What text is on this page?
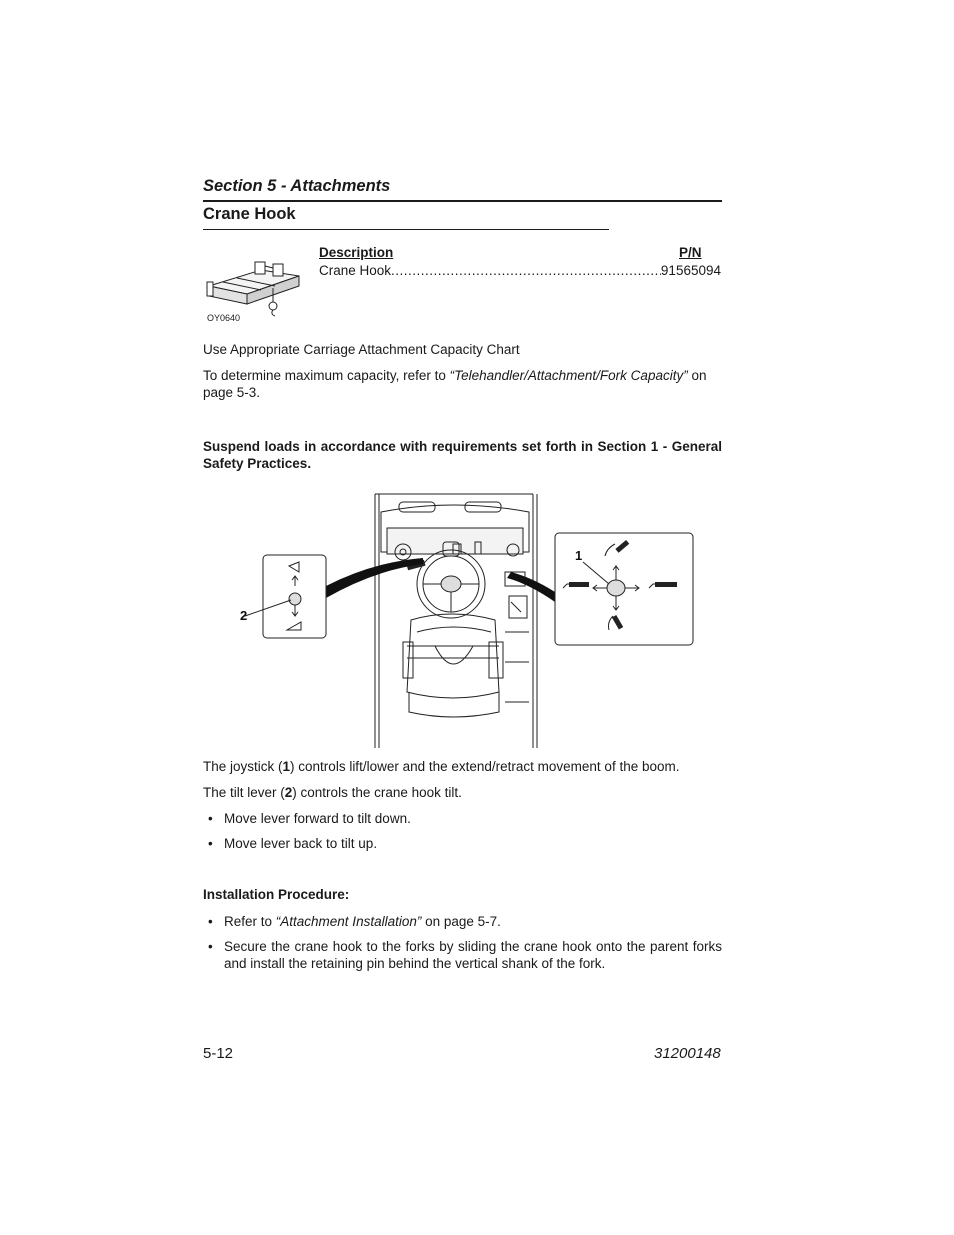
Section 5 - Attachments
Crane Hook
OY0640
Description	P/N
Crane Hook
.....	91565094
Use Appropriate Carriage Attachment Capacity Chart
To determine maximum capacity, refer to “Telehandler/Attachment/Fork Capacity” on page 5-3.
Suspend loads in accordance with requirements set forth in Section 1 - General Safety Practices.
2
1
The joystick (1) controls lift/lower and the extend/retract movement of the boom.
The tilt lever (2) controls the crane hook tilt.
• Move lever forward to tilt down.
• Move lever back to tilt up.
Installation Procedure:
• Refer to “Attachment Installation” on page 5-7.
• Secure the crane hook to the forks by sliding the crane hook onto the parent forks and install the retaining pin behind the vertical shank of the fork.
5-12	31200148
